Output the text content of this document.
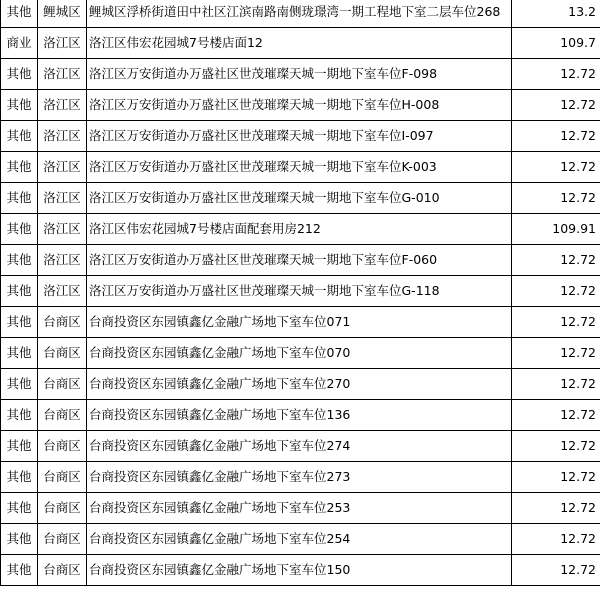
其他	鲤城区	鲤城区浮桥街道田中社区江滨南路南侧珑璟湾一期工程地下室二层车位268	13.2
商业	洛江区	洛江区伟宏花园城7号楼店面12	109.7
其他	洛江区	洛江区万安街道办万盛社区世茂璀璨天城一期地下室车位F-098	12.72
其他	洛江区	洛江区万安街道办万盛社区世茂璀璨天城一期地下室车位H-008	12.72
其他	洛江区	洛江区万安街道办万盛社区世茂璀璨天城一期地下室车位I-097	12.72
其他	洛江区	洛江区万安街道办万盛社区世茂璀璨天城一期地下室车位K-003	12.72
其他	洛江区	洛江区万安街道办万盛社区世茂璀璨天城一期地下室车位G-010	12.72
其他	洛江区	洛江区伟宏花园城7号楼店面配套用房212	109.91
其他	洛江区	洛江区万安街道办万盛社区世茂璀璨天城一期地下室车位F-060	12.72
其他	洛江区	洛江区万安街道办万盛社区世茂璀璨天城一期地下室车位G-118	12.72
其他	台商区	台商投资区东园镇鑫亿金融广场地下室车位071	12.72
其他	台商区	台商投资区东园镇鑫亿金融广场地下室车位070	12.72
其他	台商区	台商投资区东园镇鑫亿金融广场地下室车位270	12.72
其他	台商区	台商投资区东园镇鑫亿金融广场地下室车位136	12.72
其他	台商区	台商投资区东园镇鑫亿金融广场地下室车位274	12.72
其他	台商区	台商投资区东园镇鑫亿金融广场地下室车位273	12.72
其他	台商区	台商投资区东园镇鑫亿金融广场地下室车位253	12.72
其他	台商区	台商投资区东园镇鑫亿金融广场地下室车位254	12.72
其他	台商区	台商投资区东园镇鑫亿金融广场地下室车位150	12.72
